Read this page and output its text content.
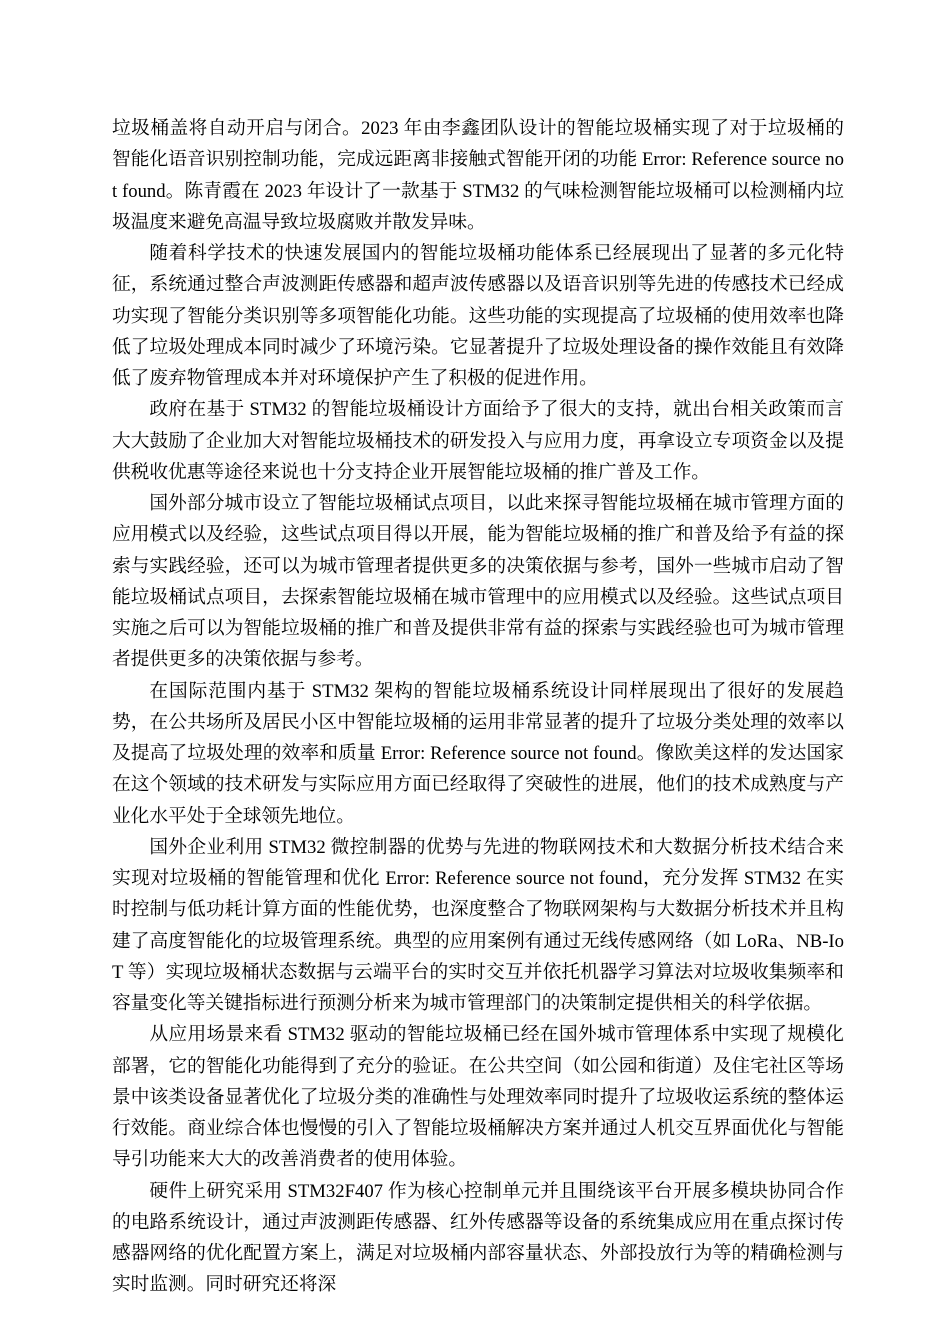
垃圾桶盖将自动开启与闭合。2023 年由李鑫团队设计的智能垃圾桶实现了对于垃圾桶的智能化语音识别控制功能，完成远距离非接触式智能开闭的功能 Error: Reference source not found。陈青霞在 2023 年设计了一款基于 STM32 的气味检测智能垃圾桶可以检测桶内垃圾温度来避免高温导致垃圾腐败并散发异味。

随着科学技术的快速发展国内的智能垃圾桶功能体系已经展现出了显著的多元化特征，系统通过整合声波测距传感器和超声波传感器以及语音识别等先进的传感技术已经成功实现了智能分类识别等多项智能化功能。这些功能的实现提高了垃圾桶的使用效率也降低了垃圾处理成本同时减少了环境污染。它显著提升了垃圾处理设备的操作效能且有效降低了废弃物管理成本并对环境保护产生了积极的促进作用。

政府在基于 STM32 的智能垃圾桶设计方面给予了很大的支持，就出台相关政策而言大大鼓励了企业加大对智能垃圾桶技术的研发投入与应用力度，再拿设立专项资金以及提供税收优惠等途径来说也十分支持企业开展智能垃圾桶的推广普及工作。

国外部分城市设立了智能垃圾桶试点项目，以此来探寻智能垃圾桶在城市管理方面的应用模式以及经验，这些试点项目得以开展，能为智能垃圾桶的推广和普及给予有益的探索与实践经验，还可以为城市管理者提供更多的决策依据与参考，国外一些城市启动了智能垃圾桶试点项目，去探索智能垃圾桶在城市管理中的应用模式以及经验。这些试点项目实施之后可以为智能垃圾桶的推广和普及提供非常有益的探索与实践经验也可为城市管理者提供更多的决策依据与参考。

在国际范围内基于 STM32 架构的智能垃圾桶系统设计同样展现出了很好的发展趋势，在公共场所及居民小区中智能垃圾桶的运用非常显著的提升了垃圾分类处理的效率以及提高了垃圾处理的效率和质量 Error: Reference source not found。像欧美这样的发达国家在这个领域的技术研发与实际应用方面已经取得了突破性的进展，他们的技术成熟度与产业化水平处于全球领先地位。

国外企业利用 STM32 微控制器的优势与先进的物联网技术和大数据分析技术结合来实现对垃圾桶的智能管理和优化 Error: Reference source not found，充分发挥 STM32 在实时控制与低功耗计算方面的性能优势，也深度整合了物联网架构与大数据分析技术并且构建了高度智能化的垃圾管理系统。典型的应用案例有通过无线传感网络（如 LoRa、NB-IoT 等）实现垃圾桶状态数据与云端平台的实时交互并依托机器学习算法对垃圾收集频率和容量变化等关键指标进行预测分析来为城市管理部门的决策制定提供相关的科学依据。

从应用场景来看 STM32 驱动的智能垃圾桶已经在国外城市管理体系中实现了规模化部署，它的智能化功能得到了充分的验证。在公共空间（如公园和街道）及住宅社区等场景中该类设备显著优化了垃圾分类的准确性与处理效率同时提升了垃圾收运系统的整体运行效能。商业综合体也慢慢的引入了智能垃圾桶解决方案并通过人机交互界面优化与智能导引功能来大大的改善消费者的使用体验。

硬件上研究采用 STM32F407 作为核心控制单元并且围绕该平台开展多模块协同合作的电路系统设计，通过声波测距传感器、红外传感器等设备的系统集成应用在重点探讨传感器网络的优化配置方案上，满足对垃圾桶内部容量状态、外部投放行为等的精确检测与实时监测。同时研究还将深
